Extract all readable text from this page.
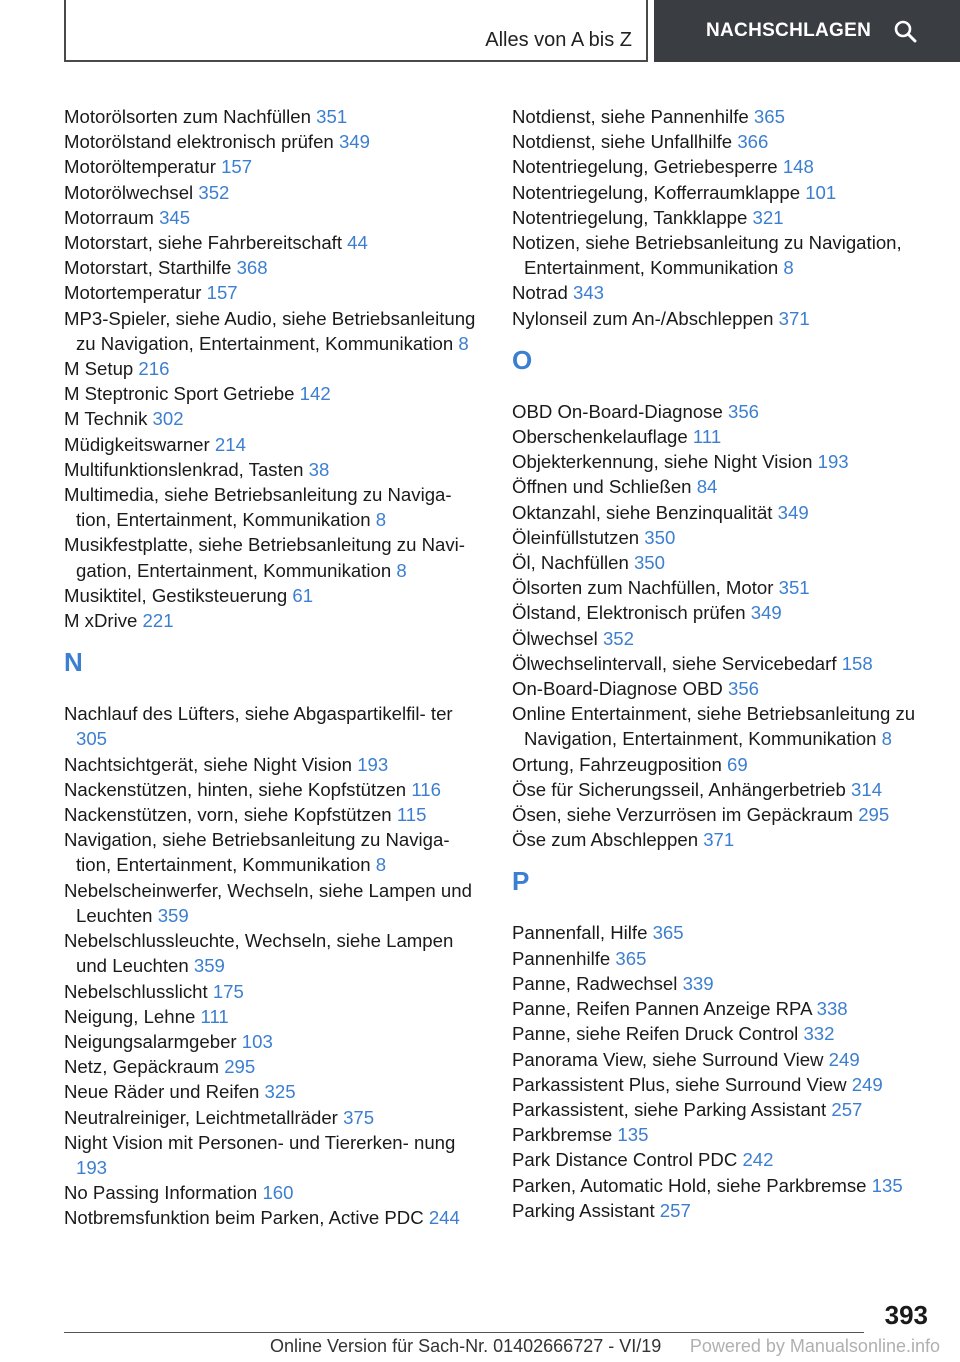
Alles von A bis Z	NACHSCHLAGEN
Motorölsorten zum Nachfüllen 351
Motorölstand elektronisch prüfen 349
Motoröltemperatur 157
Motorölwechsel 352
Motorraum 345
Motorstart, siehe Fahrbereitschaft 44
Motorstart, Starthilfe 368
Motortemperatur 157
MP3-Spieler, siehe Audio, siehe Betriebsanleitung zu Navigation, Entertainment, Kommunikation 8
M Setup 216
M Steptronic Sport Getriebe 142
M Technik 302
Müdigkeitswarner 214
Multifunktionslenkrad, Tasten 38
Multimedia, siehe Betriebsanleitung zu Naviga‐ tion, Entertainment, Kommunikation 8
Musikfestplatte, siehe Betriebsanleitung zu Navi‐ gation, Entertainment, Kommunikation 8
Musiktitel, Gestiksteuerung 61
M xDrive 221
N
Nachlauf des Lüfters, siehe Abgaspartikelfil‐ ter 305
Nachtsichtgerät, siehe Night Vision 193
Nackenstützen, hinten, siehe Kopfstützen 116
Nackenstützen, vorn, siehe Kopfstützen 115
Navigation, siehe Betriebsanleitung zu Naviga‐ tion, Entertainment, Kommunikation 8
Nebelscheinwerfer, Wechseln, siehe Lampen und Leuchten 359
Nebelschlussleuchte, Wechseln, siehe Lampen und Leuchten 359
Nebelschlusslicht 175
Neigung, Lehne 111
Neigungsalarmgeber 103
Netz, Gepäckraum 295
Neue Räder und Reifen 325
Neutralreiniger, Leichtmetallräder 375
Night Vision mit Personen- und Tiererken‐ nung 193
No Passing Information 160
Notbremsfunktion beim Parken, Active PDC 244
Notdienst, siehe Pannenhilfe 365
Notdienst, siehe Unfallhilfe 366
Notentriegelung, Getriebesperre 148
Notentriegelung, Kofferraumklappe 101
Notentriegelung, Tankklappe 321
Notizen, siehe Betriebsanleitung zu Navigation, Entertainment, Kommunikation 8
Notrad 343
Nylonseil zum An-/Abschleppen 371
O
OBD On-Board-Diagnose 356
Oberschenkelauflage 111
Objekterkennung, siehe Night Vision 193
Öffnen und Schließen 84
Oktanzahl, siehe Benzinqualität 349
Öleinfüllstutzen 350
Öl, Nachfüllen 350
Ölsorten zum Nachfüllen, Motor 351
Ölstand, Elektronisch prüfen 349
Ölwechsel 352
Ölwechselintervall, siehe Servicebedarf 158
On-Board-Diagnose OBD 356
Online Entertainment, siehe Betriebsanleitung zu Navigation, Entertainment, Kommunikation 8
Ortung, Fahrzeugposition 69
Öse für Sicherungsseil, Anhängerbetrieb 314
Ösen, siehe Verzurrösen im Gepäckraum 295
Öse zum Abschleppen 371
P
Pannenfall, Hilfe 365
Pannenhilfe 365
Panne, Radwechsel 339
Panne, Reifen Pannen Anzeige RPA 338
Panne, siehe Reifen Druck Control 332
Panorama View, siehe Surround View 249
Parkassistent Plus, siehe Surround View 249
Parkassistent, siehe Parking Assistant 257
Parkbremse 135
Park Distance Control PDC 242
Parken, Automatic Hold, siehe Parkbremse 135
Parking Assistant 257
393
Online Version für Sach-Nr. 01402666727 - VI/19 Powered by Manualsonline.info
